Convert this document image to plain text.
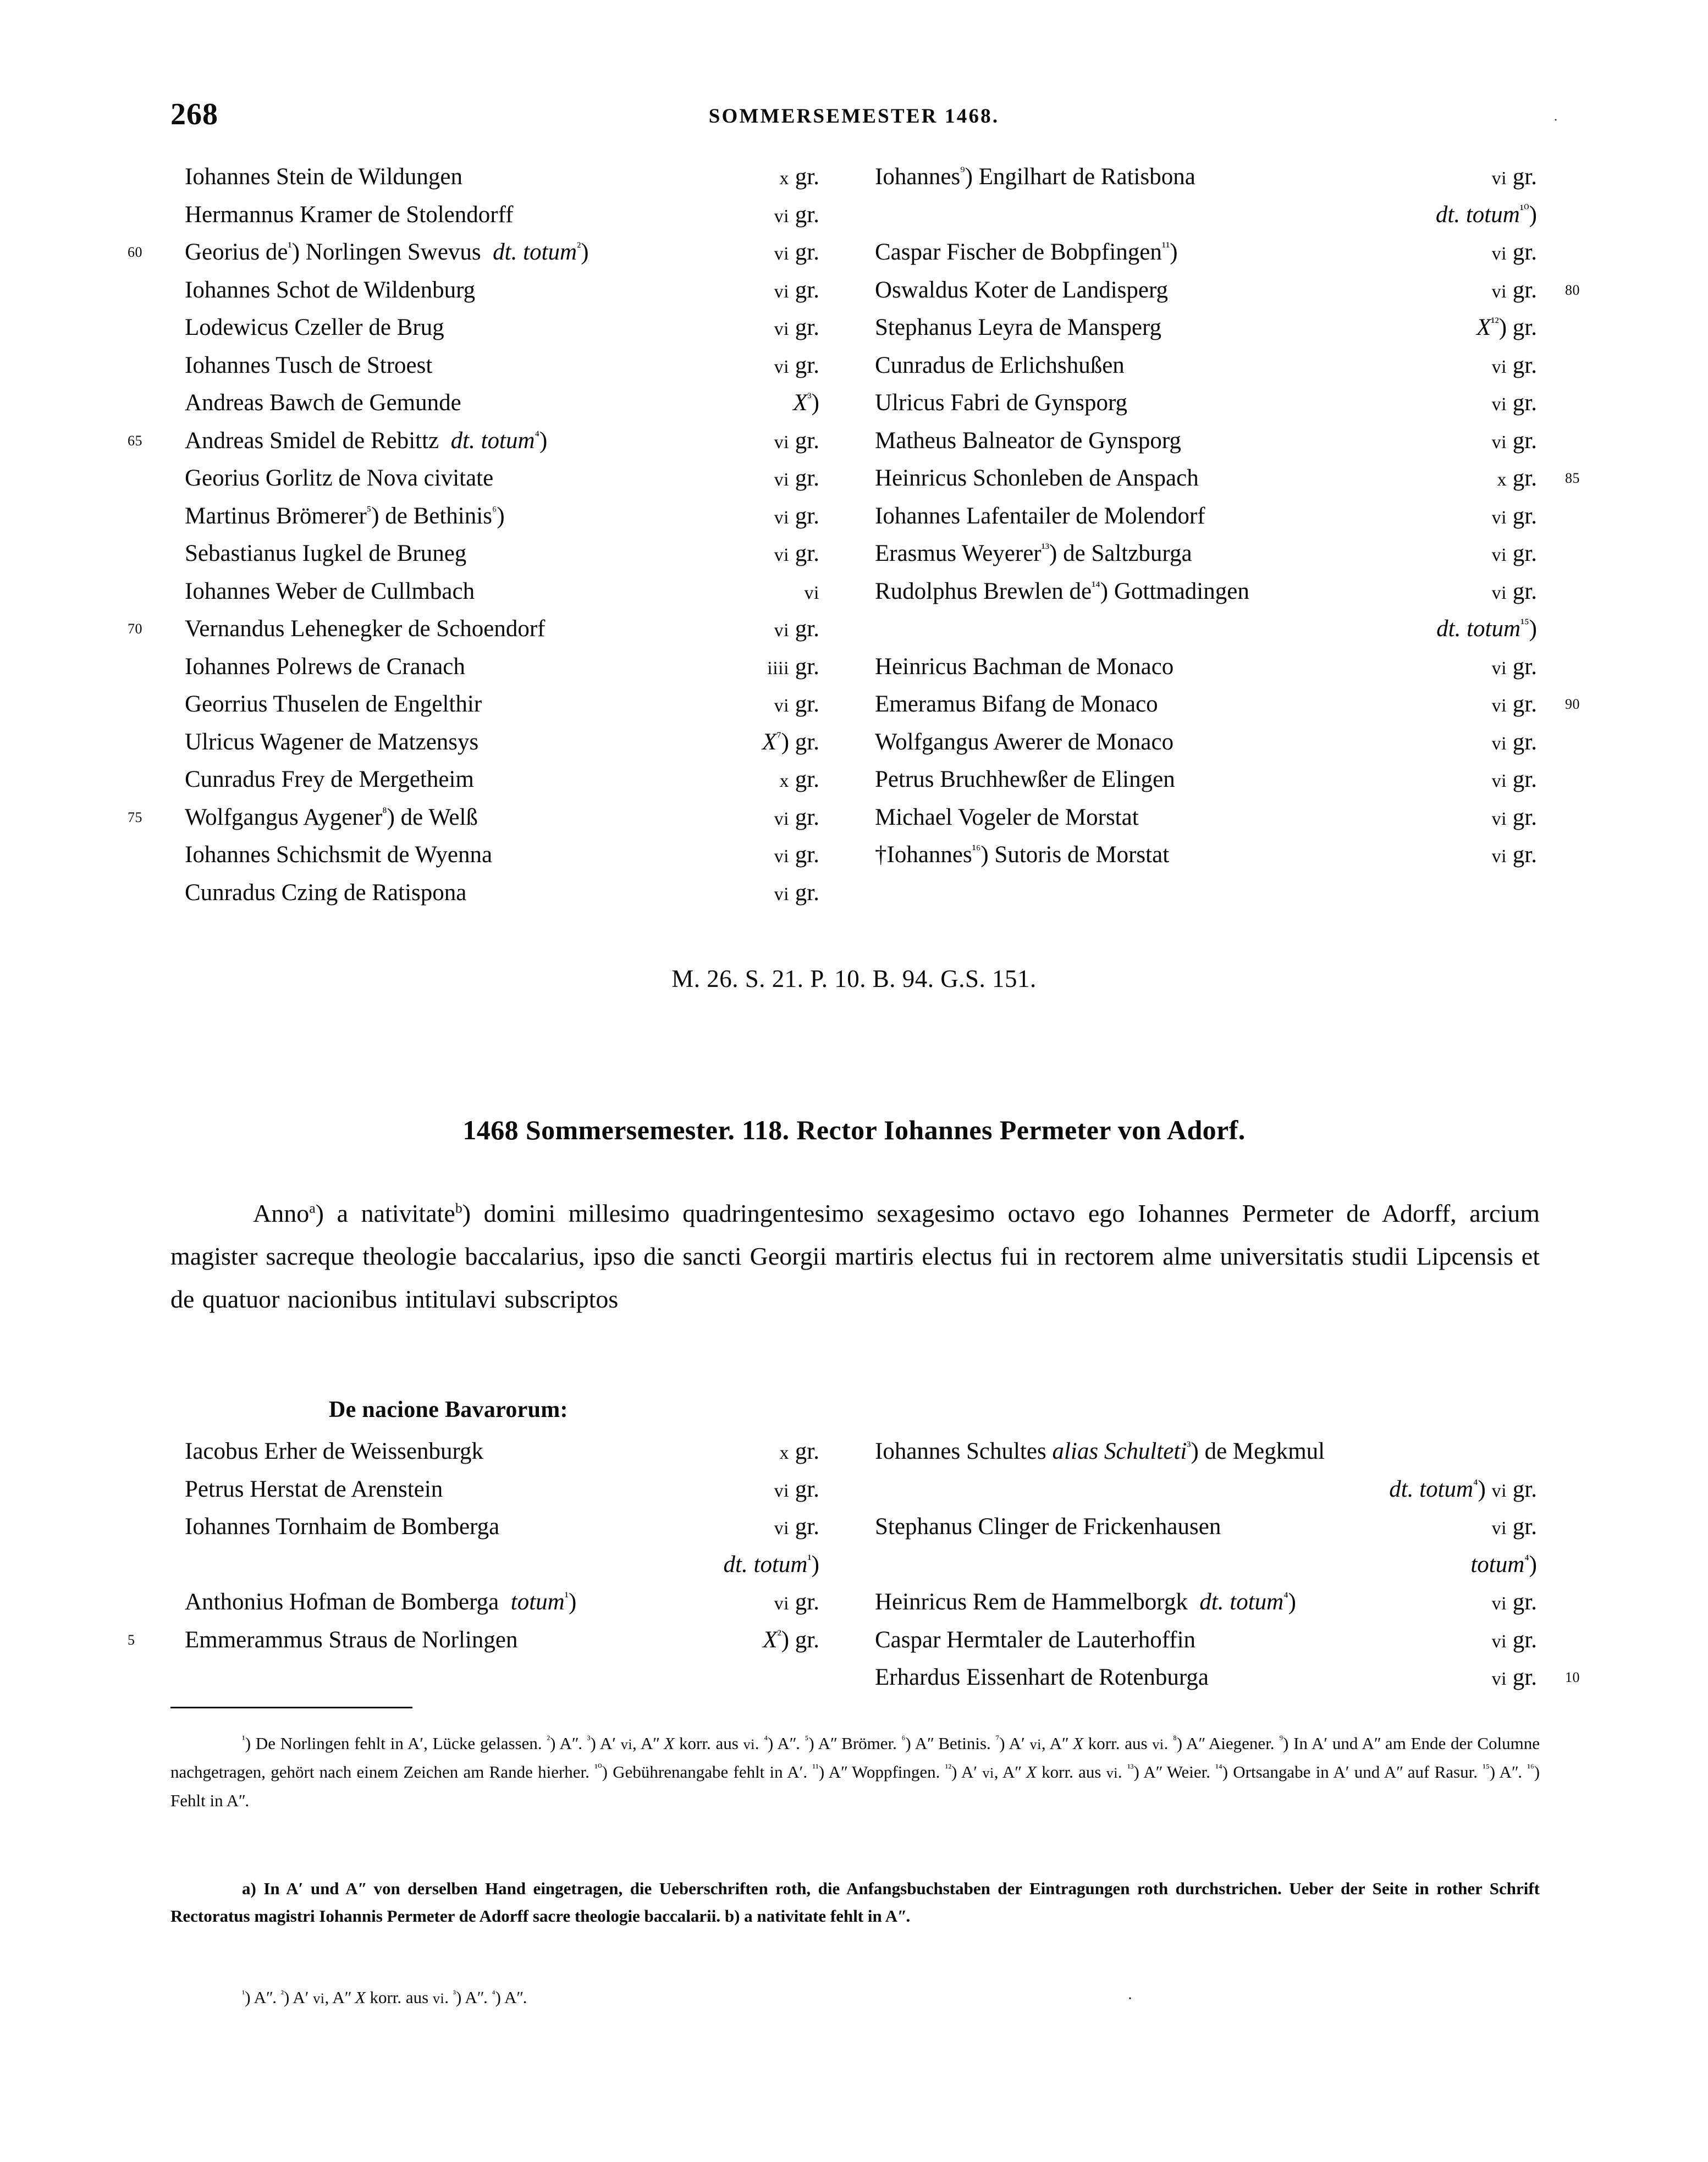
268	SOMMERSEMESTER 1468.	˙
Iohannes Stein de Wildungen	x gr.
Hermannus Kramer de Stolendorff	vi gr.
60 Georius $de^{^1}$) Norlingen Swevus  dt. totum$^{^2}$)	vi gr.
Iohannes Schot de Wildenburg	vi gr.
Lodewicus Czeller de Brug	vi gr.
Iohannes Tusch de Stroest	vi gr.
Andreas Bawch de Gemunde	$X^{^3}$)
65 Andreas Smidel de Rebittz  dt. totum$^{^4}$)	vi gr.
Georius Gorlitz de Nova civitate	vi gr.
Martinus Brömerer$^{^5}$) de Bethinis$^{^6}$)	vi gr.
Sebastianus Iugkel de Bruneg	vi gr.
Iohannes Weber de Cullmbach	vi
70 Vernandus Lehenegker de Schoendorf	vi gr.
Iohannes Polrews de Cranach	iiii gr.
Georrius Thuselen de Engelthir	vi gr.
Ulricus Wagener de Matzensys	$X^{^7}$) gr.
Cunradus Frey de Mergetheim	x gr.
75 Wolfgangus Aygener$^{^8}$) de Welß	vi gr.
Iohannes Schichsmit de Wyenna	vi gr.
Cunradus Czing de Ratispona	vi gr.
Iohannes$^{^9}$) Engilhart de Ratisbona	vi gr.
dt. totum$^{^{10}}$)
Caspar Fischer de Bobpfingen$^{^{11}}$)	vi gr.
80
Oswaldus Koter de Landisperg	vi gr.
Stephanus Leyra de Mansperg	$X^{^{12}}$) gr.
Cunradus de Erlichshußen	vi gr.
Ulricus Fabri de Gynsporg	vi gr.
Matheus Balneator de Gynsporg	vi gr.
85
Heinricus Schonleben de Anspach	x gr.
Iohannes Lafentailer de Molendorf	vi gr.
Erasmus Weyerer$^{^{13}}$) de Saltzburga	vi gr.
Rudolphus Brewlen $de^{^{14}}$) Gottmadingen	vi gr.
dt. totum$^{^{15}}$)
Heinricus Bachman de Monaco	vi gr.
90
Emeramus Bifang de Monaco	vi gr.
Wolfgangus Awerer de Monaco	vi gr.
Petrus Bruchhewßer de Elingen	vi gr.
Michael Vogeler de Morstat	vi gr.
†Iohannes$^{^{16}}$) Sutoris de Morstat	vi gr.
M. 26. S. 21. P. 10. B. 94. G.S. 151.
1468 Sommersemester. 118. Rector Iohannes Permeter von Adorf.
Anno$^a$) a nativitate$^b$) domini millesimo quadringentesimo sexagesimo octavo ego Iohannes Permeter de Adorff, arcium magister sacreque theologie baccalarius, ipso die sancti Georgii martiris electus fui in rectorem alme universitatis studii Lipcensis et de quatuor nacionibus intitulavi subscriptos
De nacione Bavarorum:
Iacobus Erher de Weissenburgk	x gr.
Petrus Herstat de Arenstein	vi gr.
Iohannes Tornhaim de Bomberga	vi gr.
dt. totum$^{^1}$)
Anthonius Hofman de Bomberga  totum$^{^1}$)	vi gr.
5 Emmerammus Straus de Norlingen	$X^{^2}$) gr.
Iohannes Schultes alias Schulteti$^{^3}$) de Megkmul
dt. totum$^{^4}$) vi gr.
Stephanus Clinger de Frickenhausen	vi gr.
totum$^{^4}$)
Heinricus Rem de Hammelborgk  dt. totum$^{^4}$)	vi gr.
Caspar Hermtaler de Lauterhoffin	vi gr.
10
Erhardus Eissenhart de Rotenburga	vi gr.
$^{^1}$) De Norlingen fehlt in Aʹ, Lücke gelassen. $^{^2}$) Aʺ. $^{^3}$) Aʹ vi, Aʺ X korr. aus vi. $^{^4}$) Aʺ. $^{^5}$) Aʺ Brömer. $^{^6}$) Aʺ Betinis. $^{^7}$) Aʹ vi, Aʺ X korr. aus vi. $^{^8}$) Aʺ Aiegener. $^{^9}$) In Aʹ und Aʺ am Ende der Columne nachgetragen, gehört nach einem Zeichen am Rande hierher. $^{^{10}}$) Gebührenangabe fehlt in Aʹ. $^{^{11}}$) Aʺ Woppfingen. $^{^{12}}$) Aʹ vi, Aʺ X korr. aus vi. $^{^{13}}$) Aʺ Weier. $^{^{14}}$) Ortsangabe in Aʹ und Aʺ auf Rasur. $^{^{15}}$) Aʺ. $^{^{16}}$) Fehlt in Aʺ.
a) In Aʹ und Aʺ von derselben Hand eingetragen, die Ueberschriften roth, die Anfangsbuchstaben der Eintragungen roth durchstrichen. Ueber der Seite in rother Schrift Rectoratus magistri Iohannis Permeter de Adorff sacre theologie baccalarii. b) a nativitate fehlt in Aʺ.
$^{^1}$) Aʺ. $^{^2}$) Aʹ vi, Aʺ X korr. aus vi. $^{^3}$) Aʺ. $^{^4}$) Aʺ.	·
